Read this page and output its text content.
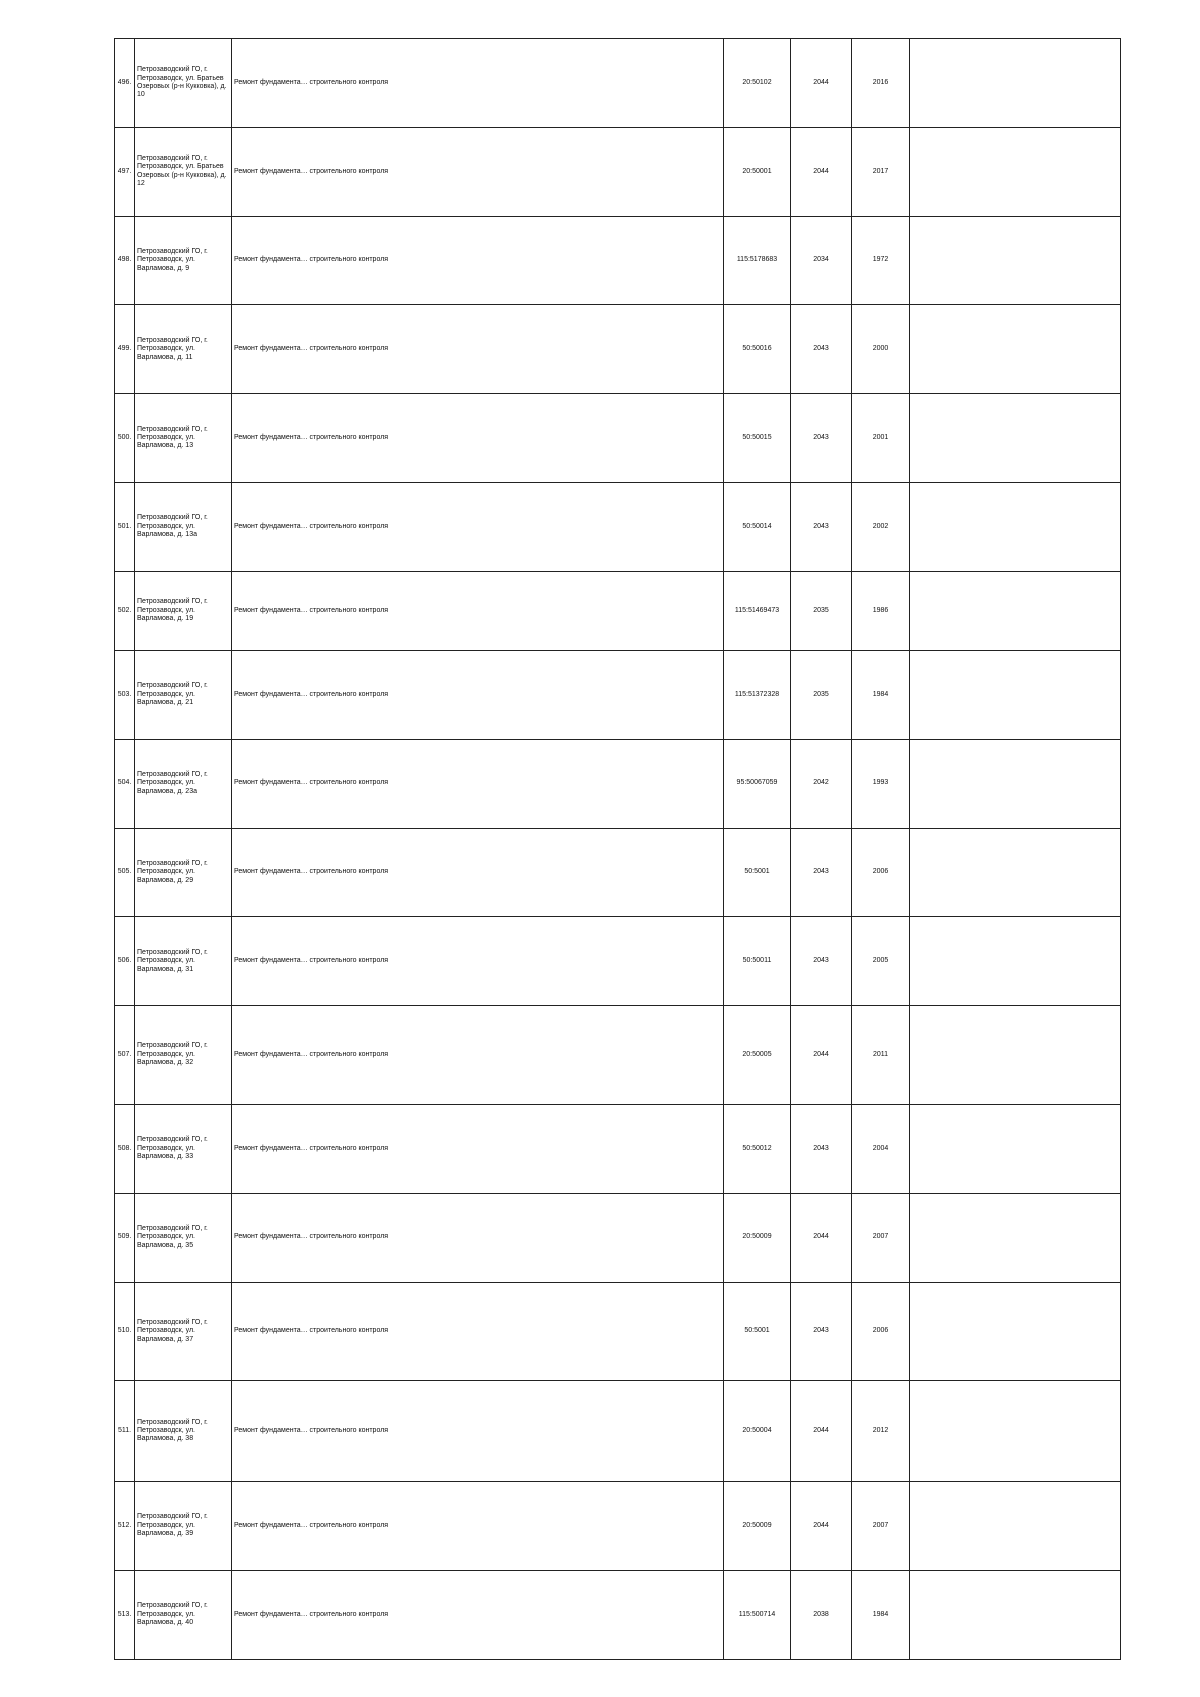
496.	Петрозаводский ГО, г. Петрозаводск, ул. Братьев Озеровых (р-н Кукковка), д. 10	Ремонт фундамента… строительного контроля	20:50102	2044	2016	
497.	Петрозаводский ГО, г. Петрозаводск, ул. Братьев Озеровых (р-н Кукковка), д. 12	Ремонт фундамента… строительного контроля	20:50001	2044	2017	
498.	Петрозаводский ГО, г. Петрозаводск, ул. Варламова, д. 9	Ремонт фундамента… строительного контроля	115:5178683	2034	1972	
499.	Петрозаводский ГО, г. Петрозаводск, ул. Варламова, д. 11	Ремонт фундамента… строительного контроля	50:50016	2043	2000	
500.	Петрозаводский ГО, г. Петрозаводск, ул. Варламова, д. 13	Ремонт фундамента… строительного контроля	50:50015	2043	2001	
501.	Петрозаводский ГО, г. Петрозаводск, ул. Варламова, д. 13а	Ремонт фундамента… строительного контроля	50:50014	2043	2002	
502.	Петрозаводский ГО, г. Петрозаводск, ул. Варламова, д. 19	Ремонт фундамента… строительного контроля	115:51469473	2035	1986	
503.	Петрозаводский ГО, г. Петрозаводск, ул. Варламова, д. 21	Ремонт фундамента… строительного контроля	115:51372328	2035	1984	
504.	Петрозаводский ГО, г. Петрозаводск, ул. Варламова, д. 23а	Ремонт фундамента… строительного контроля	95:50067059	2042	1993	
505.	Петрозаводский ГО, г. Петрозаводск, ул. Варламова, д. 29	Ремонт фундамента… строительного контроля	50:5001	2043	2006	
506.	Петрозаводский ГО, г. Петрозаводск, ул. Варламова, д. 31	Ремонт фундамента… строительного контроля	50:50011	2043	2005	
507.	Петрозаводский ГО, г. Петрозаводск, ул. Варламова, д. 32	Ремонт фундамента… строительного контроля	20:50005	2044	2011	
508.	Петрозаводский ГО, г. Петрозаводск, ул. Варламова, д. 33	Ремонт фундамента… строительного контроля	50:50012	2043	2004	
509.	Петрозаводский ГО, г. Петрозаводск, ул. Варламова, д. 35	Ремонт фундамента… строительного контроля	20:50009	2044	2007	
510.	Петрозаводский ГО, г. Петрозаводск, ул. Варламова, д. 37	Ремонт фундамента… строительного контроля	50:5001	2043	2006	
511.	Петрозаводский ГО, г. Петрозаводск, ул. Варламова, д. 38	Ремонт фундамента… строительного контроля	20:50004	2044	2012	
512.	Петрозаводский ГО, г. Петрозаводск, ул. Варламова, д. 39	Ремонт фундамента… строительного контроля	20:50009	2044	2007	
513.	Петрозаводский ГО, г. Петрозаводск, ул. Варламова, д. 40	Ремонт фундамента… строительного контроля	115:500714	2038	1984	
